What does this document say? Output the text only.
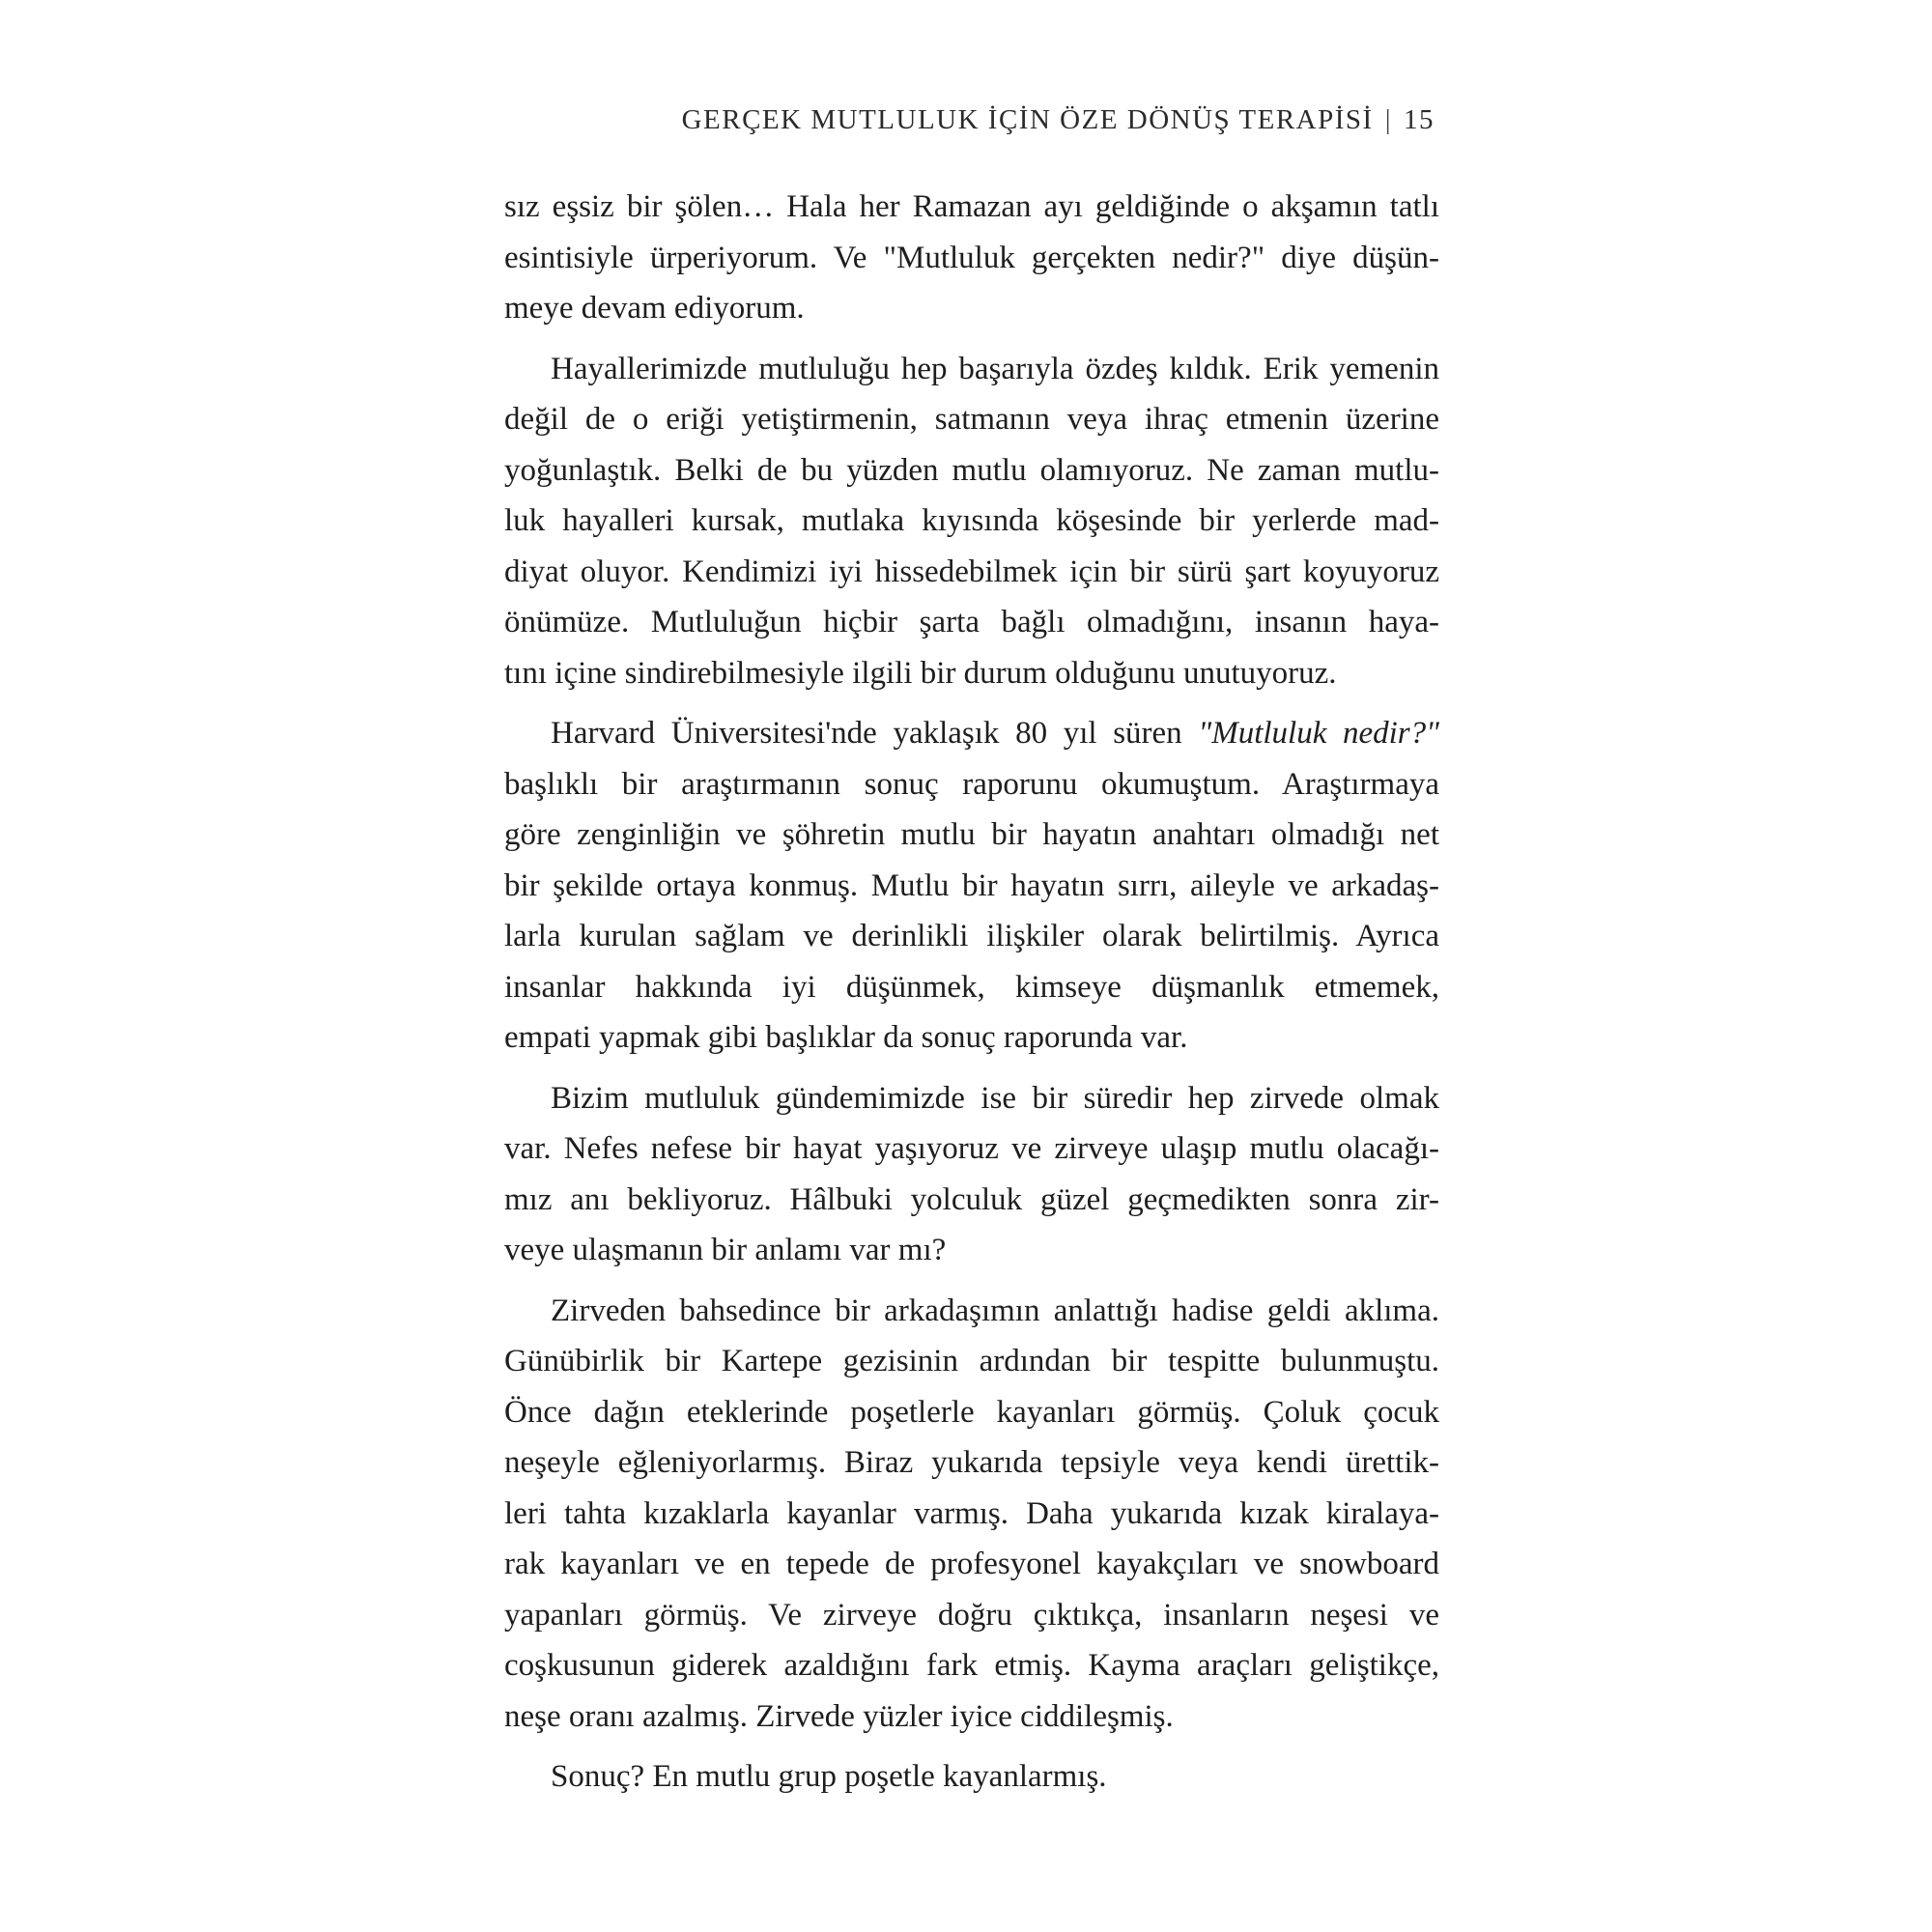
GERÇEK MUTLULUK İÇİN ÖZE DÖNÜŞ TERAPİSİ | 15

sız eşsiz bir şölen… Hala her Ramazan ayı geldiğinde o akşamın tatlı
esintisiyle ürperiyorum. Ve "Mutluluk gerçekten nedir?" diye düşün-
meye devam ediyorum.

Hayallerimizde mutluluğu hep başarıyla özdeş kıldık. Erik yemenin
değil de o eriği yetiştirmenin, satmanın veya ihraç etmenin üzerine
yoğunlaştık. Belki de bu yüzden mutlu olamıyoruz. Ne zaman mutlu-
luk hayalleri kursak, mutlaka kıyısında köşesinde bir yerlerde mad-
diyat oluyor. Kendimizi iyi hissedebilmek için bir sürü şart koyuyoruz
önümüze. Mutluluğun hiçbir şarta bağlı olmadığını, insanın haya-
tını içine sindirebilmesiyle ilgili bir durum olduğunu unutuyoruz.

Harvard Üniversitesi'nde yaklaşık 80 yıl süren "Mutluluk nedir?"
başlıklı bir araştırmanın sonuç raporunu okumuştum. Araştırmaya
göre zenginliğin ve şöhretin mutlu bir hayatın anahtarı olmadığı net
bir şekilde ortaya konmuş. Mutlu bir hayatın sırrı, aileyle ve arkadaş-
larla kurulan sağlam ve derinlikli ilişkiler olarak belirtilmiş. Ayrıca
insanlar hakkında iyi düşünmek, kimseye düşmanlık etmemek,
empati yapmak gibi başlıklar da sonuç raporunda var.

Bizim mutluluk gündemimizde ise bir süredir hep zirvede olmak
var. Nefes nefese bir hayat yaşıyoruz ve zirveye ulaşıp mutlu olacağı-
mız anı bekliyoruz. Hâlbuki yolculuk güzel geçmedikten sonra zir-
veye ulaşmanın bir anlamı var mı?

Zirveden bahsedince bir arkadaşımın anlattığı hadise geldi aklıma.
Günübirlik bir Kartepe gezisinin ardından bir tespitte bulunmuştu.
Önce dağın eteklerinde poşetlerle kayanları görmüş. Çoluk çocuk
neşeyle eğleniyorlarmış. Biraz yukarıda tepsiyle veya kendi ürettik-
leri tahta kızaklarla kayanlar varmış. Daha yukarıda kızak kiralaya-
rak kayanları ve en tepede de profesyonel kayakçıları ve snowboard
yapanları görmüş. Ve zirveye doğru çıktıkça, insanların neşesi ve
coşkusunun giderek azaldığını fark etmiş. Kayma araçları geliştikçe,
neşe oranı azalmış. Zirvede yüzler iyice ciddileşmiş.

Sonuç? En mutlu grup poşetle kayanlarmış.
